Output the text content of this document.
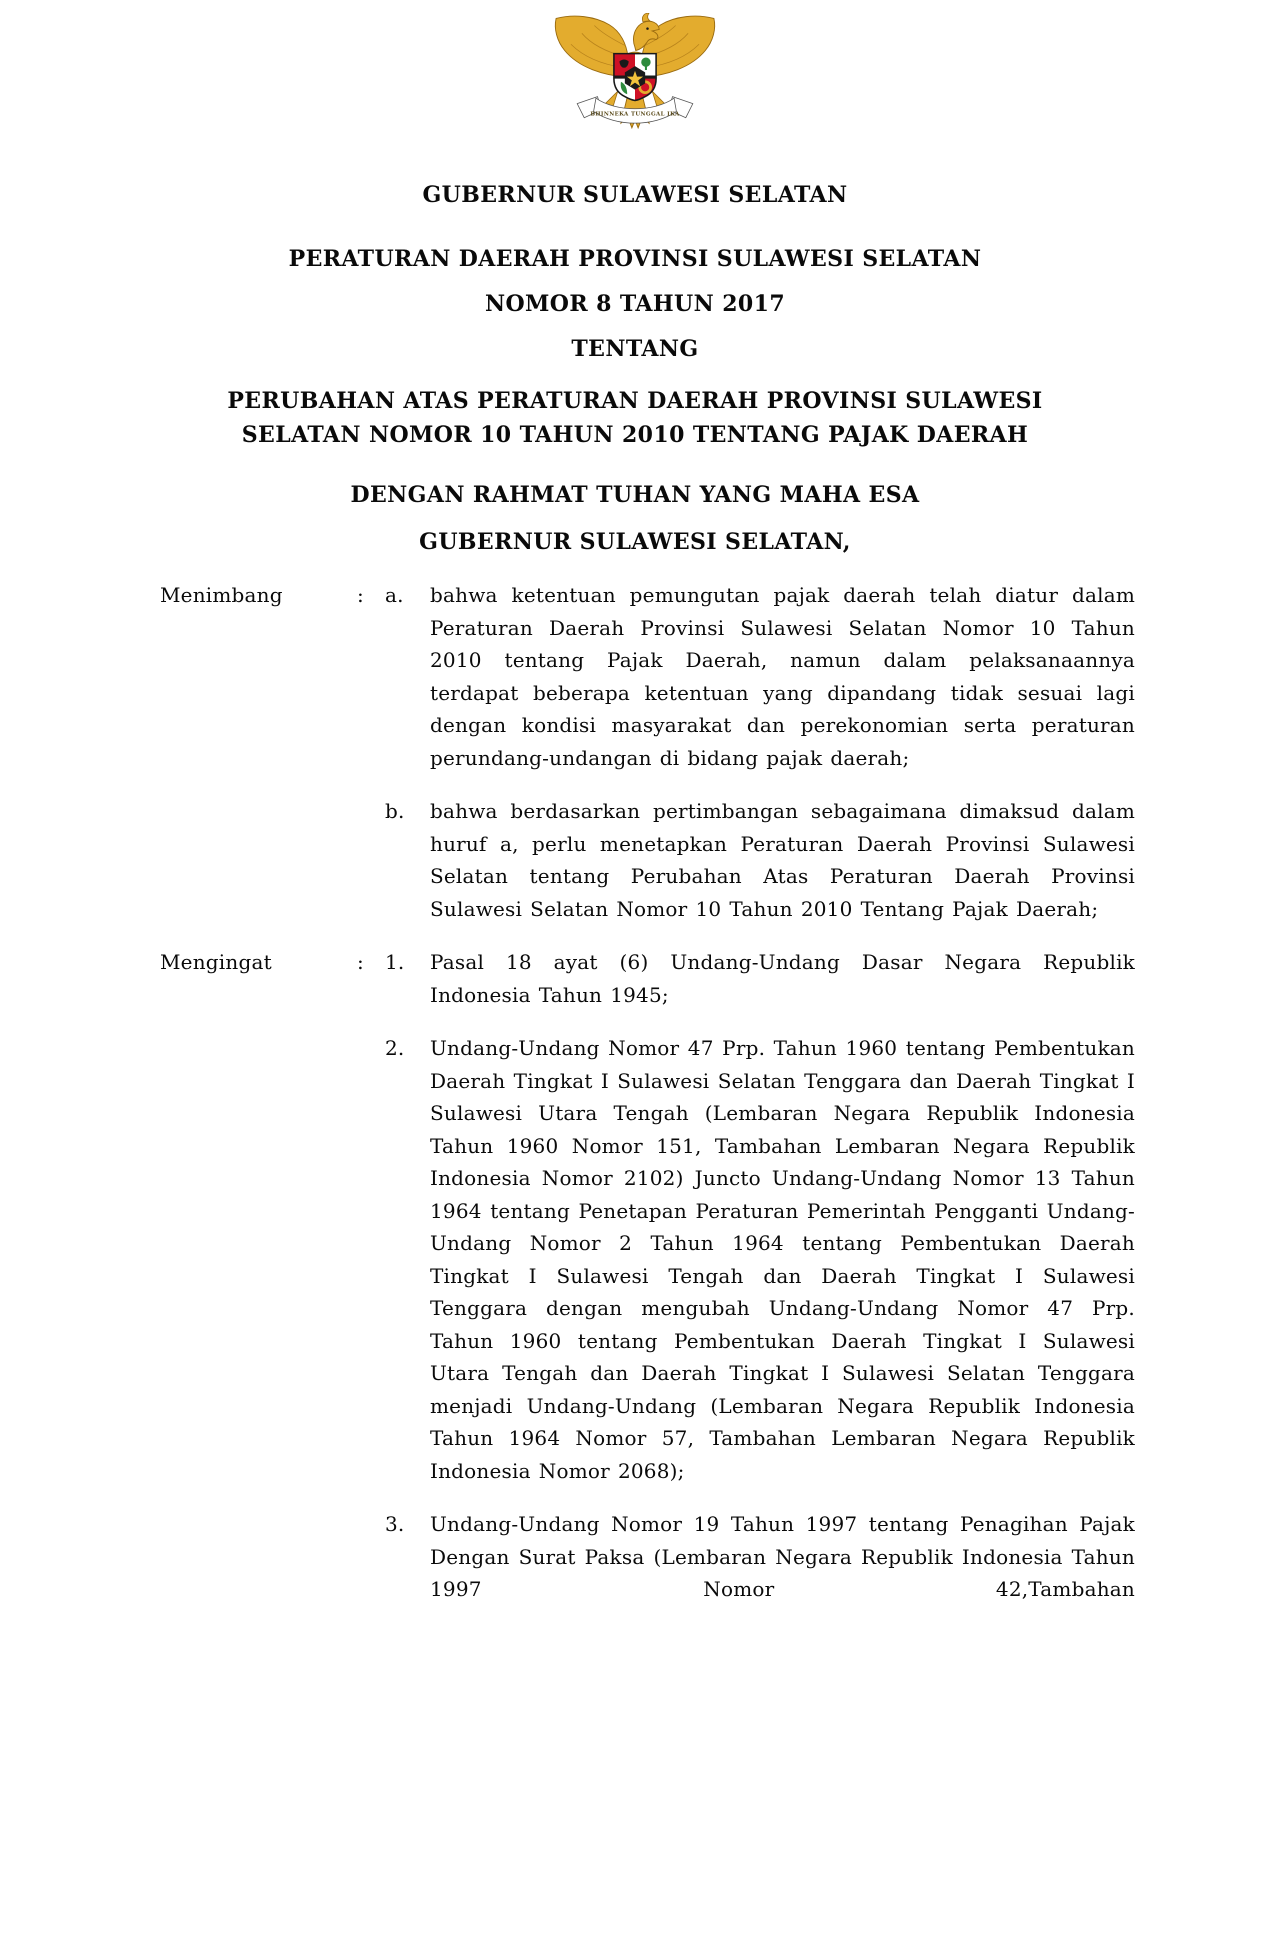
BHINNEKA TUNGGAL IKA
GUBERNUR SULAWESI SELATAN
PERATURAN DAERAH PROVINSI SULAWESI SELATAN
NOMOR 8 TAHUN 2017
TENTANG
PERUBAHAN ATAS PERATURAN DAERAH PROVINSI SULAWESI SELATAN NOMOR 10 TAHUN 2010 TENTANG PAJAK DAERAH
DENGAN RAHMAT TUHAN YANG MAHA ESA
GUBERNUR SULAWESI SELATAN,
Menimbang	:	a.	bahwa ketentuan pemungutan pajak daerah telah diatur dalam Peraturan Daerah Provinsi Sulawesi Selatan Nomor 10 Tahun 2010 tentang Pajak Daerah, namun dalam pelaksanaannya terdapat beberapa ketentuan yang dipandang tidak sesuai lagi dengan kondisi masyarakat dan perekonomian serta peraturan perundang-undangan di bidang pajak daerah;
b.	bahwa berdasarkan pertimbangan sebagaimana dimaksud dalam huruf a, perlu menetapkan Peraturan Daerah Provinsi Sulawesi Selatan tentang Perubahan Atas Peraturan Daerah Provinsi Sulawesi Selatan Nomor 10 Tahun 2010 Tentang Pajak Daerah;
Mengingat	:	1.	Pasal 18 ayat (6) Undang-Undang Dasar Negara Republik Indonesia Tahun 1945;
2.	Undang-Undang Nomor 47 Prp. Tahun 1960 tentang Pembentukan Daerah Tingkat I Sulawesi Selatan Tenggara dan Daerah Tingkat I Sulawesi Utara Tengah (Lembaran Negara Republik Indonesia Tahun 1960 Nomor 151, Tambahan Lembaran Negara Republik Indonesia Nomor 2102) Juncto Undang-Undang Nomor 13 Tahun 1964 tentang Penetapan Peraturan Pemerintah Pengganti Undang-Undang Nomor 2 Tahun 1964 tentang Pembentukan Daerah Tingkat I Sulawesi Tengah dan Daerah Tingkat I Sulawesi Tenggara dengan mengubah Undang-Undang Nomor 47 Prp. Tahun 1960 tentang Pembentukan Daerah Tingkat I Sulawesi Utara Tengah dan Daerah Tingkat I Sulawesi Selatan Tenggara menjadi Undang-Undang (Lembaran Negara Republik Indonesia Tahun 1964 Nomor 57, Tambahan Lembaran Negara Republik Indonesia Nomor 2068);
3.	Undang-Undang Nomor 19 Tahun 1997 tentang Penagihan Pajak Dengan Surat Paksa (Lembaran Negara Republik Indonesia Tahun 1997 Nomor 42,Tambahan
